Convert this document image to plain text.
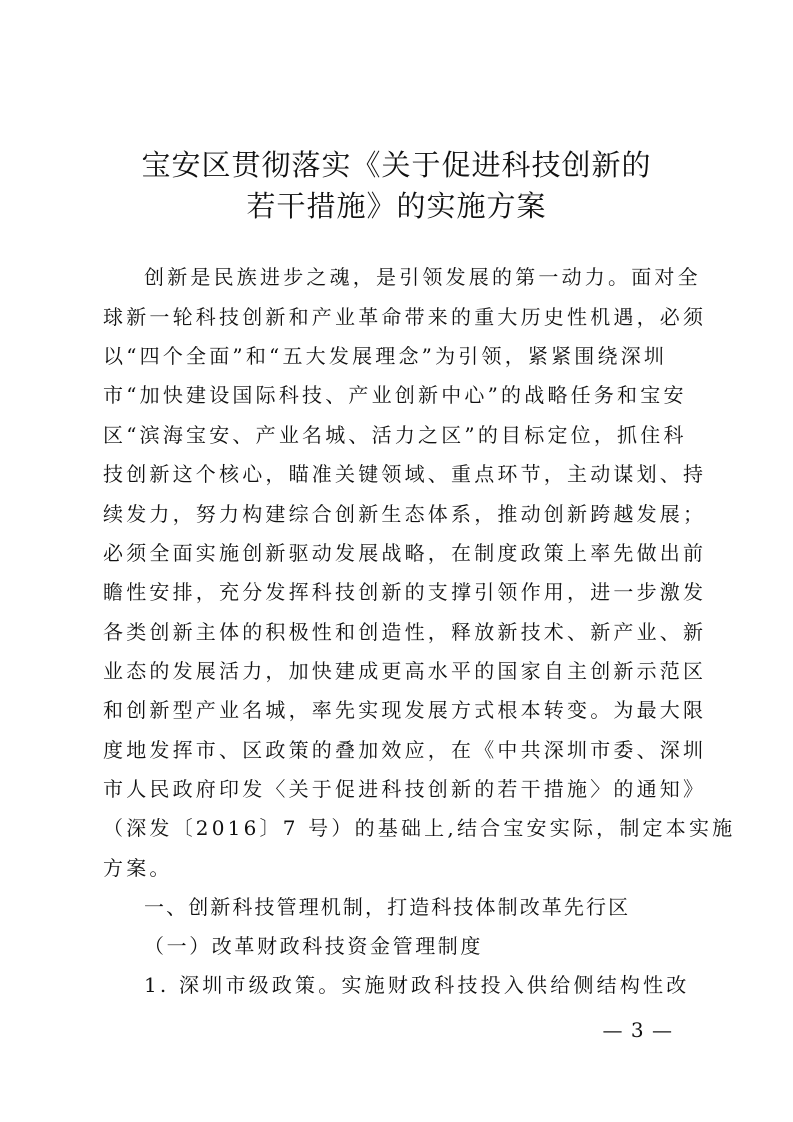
宝安区贯彻落实《关于促进科技创新的
若干措施》的实施方案
创新是民族进步之魂，是引领发展的第一动力。面对全
球新一轮科技创新和产业革命带来的重大历史性机遇，必须
以“四个全面”和“五大发展理念”为引领，紧紧围绕深圳
市“加快建设国际科技、产业创新中心”的战略任务和宝安
区“滨海宝安、产业名城、活力之区”的目标定位，抓住科
技创新这个核心，瞄准关键领域、重点环节，主动谋划、持
续发力，努力构建综合创新生态体系，推动创新跨越发展；
必须全面实施创新驱动发展战略，在制度政策上率先做出前
瞻性安排，充分发挥科技创新的支撑引领作用，进一步激发
各类创新主体的积极性和创造性，释放新技术、新产业、新
业态的发展活力，加快建成更高水平的国家自主创新示范区
和创新型产业名城，率先实现发展方式根本转变。为最大限
度地发挥市、区政策的叠加效应，在《中共深圳市委、深圳
市人民政府印发〈关于促进科技创新的若干措施〉的通知》
（深发〔2016〕7 号）的基础上,结合宝安实际，制定本实施
方案。
一、创新科技管理机制，打造科技体制改革先行区
（一）改革财政科技资金管理制度
1. 深圳市级政策。实施财政科技投入供给侧结构性改
— 3 —
